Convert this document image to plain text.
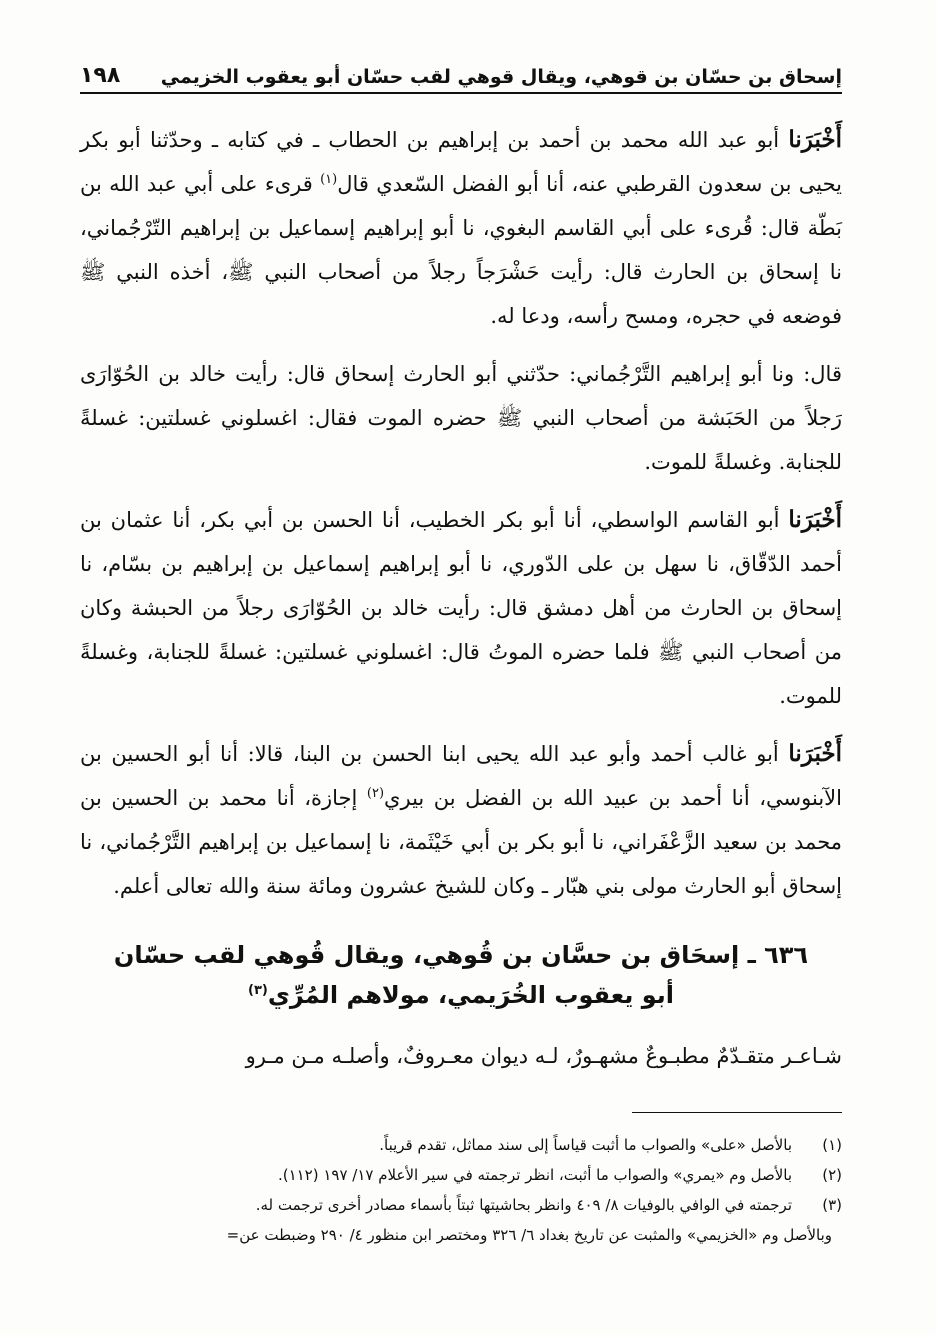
إسحاق بن حسّان بن قوهي، ويقال قوهي لقب حسّان أبو يعقوب الخزيمي
١٩٨

أَخْبَرَنا أبو عبد الله محمد بن أحمد بن إبراهيم بن الحطاب ـ في كتابه ـ وحدّثنا أبو بكر يحيى بن سعدون القرطبي عنه، أنا أبو الفضل السّعدي قال$^{(١)}$ قرىء على أبي عبد الله بن بَطّة قال: قُرىء على أبي القاسم البغوي، نا أبو إبراهيم إسماعيل بن إبراهيم التّرْجُماني، نا إسحاق بن الحارث قال: رأيت حَشْرَجاً رجلاً من أصحاب النبي ﷺ، أخذه النبي ﷺ فوضعه في حجره، ومسح رأسه، ودعا له.

قال: ونا أبو إبراهيم التَّرْجُماني: حدّثني أبو الحارث إسحاق قال: رأيت خالد بن الحُوّارَى رَجلاً من الحَبَشة من أصحاب النبي ﷺ حضره الموت فقال: اغسلوني غسلتين: غسلةً للجنابة. وغسلةً للموت.

أَخْبَرَنا أبو القاسم الواسطي، أنا أبو بكر الخطيب، أنا الحسن بن أبي بكر، أنا عثمان بن أحمد الدّقّاق، نا سهل بن على الدّوري، نا أبو إبراهيم إسماعيل بن إبراهيم بن بسّام، نا إسحاق بن الحارث من أهل دمشق قال: رأيت خالد بن الحُوّارَى رجلاً من الحبشة وكان من أصحاب النبي ﷺ فلما حضره الموتُ قال: اغسلوني غسلتين: غسلةً للجنابة، وغسلةً للموت.

أَخْبَرَنا أبو غالب أحمد وأبو عبد الله يحيى ابنا الحسن بن البنا، قالا: أنا أبو الحسين بن الآبنوسي، أنا أحمد بن عبيد الله بن الفضل بن بيري$^{(٢)}$ إجازة، أنا محمد بن الحسين بن محمد بن سعيد الزَّعْفَراني، نا أبو بكر بن أبي خَيْثَمة، نا إسماعيل بن إبراهيم التَّرْجُماني، نا إسحاق أبو الحارث مولى بني هبّار ـ وكان للشيخ عشرون ومائة سنة والله تعالى أعلم.

٦٣٦ ـ إسحَاق بن حسَّان بن قُوهي، ويقال قُوهي لقب حسّان
أبو يعقوب الخُرَيمي، مولاهم المُرِّي$^{(٣)}$
شـاعـر متقـدّمٌ مطبـوعٌ مشهـورٌ، لـه ديوان معـروفٌ، وأصلـه مـن مـرو
(١)
بالأصل «على» والصواب ما أثبت قياساً إلى سند مماثل، تقدم قريباً.
(٢)
بالأصل وم «يمري» والصواب ما أثبت، انظر ترجمته في سير الأعلام ١٧/ ١٩٧ (١١٢).
(٣)
ترجمته في الوافي بالوفيات ٨/ ٤٠٩ وانظر بحاشيتها ثبتاً بأسماء مصادر أخرى ترجمت له.
وبالأصل وم «الخزيمي» والمثبت عن تاريخ بغداد ٦/ ٣٢٦ ومختصر ابن منظور ٤/ ٢٩٠ وضبطت عن=
